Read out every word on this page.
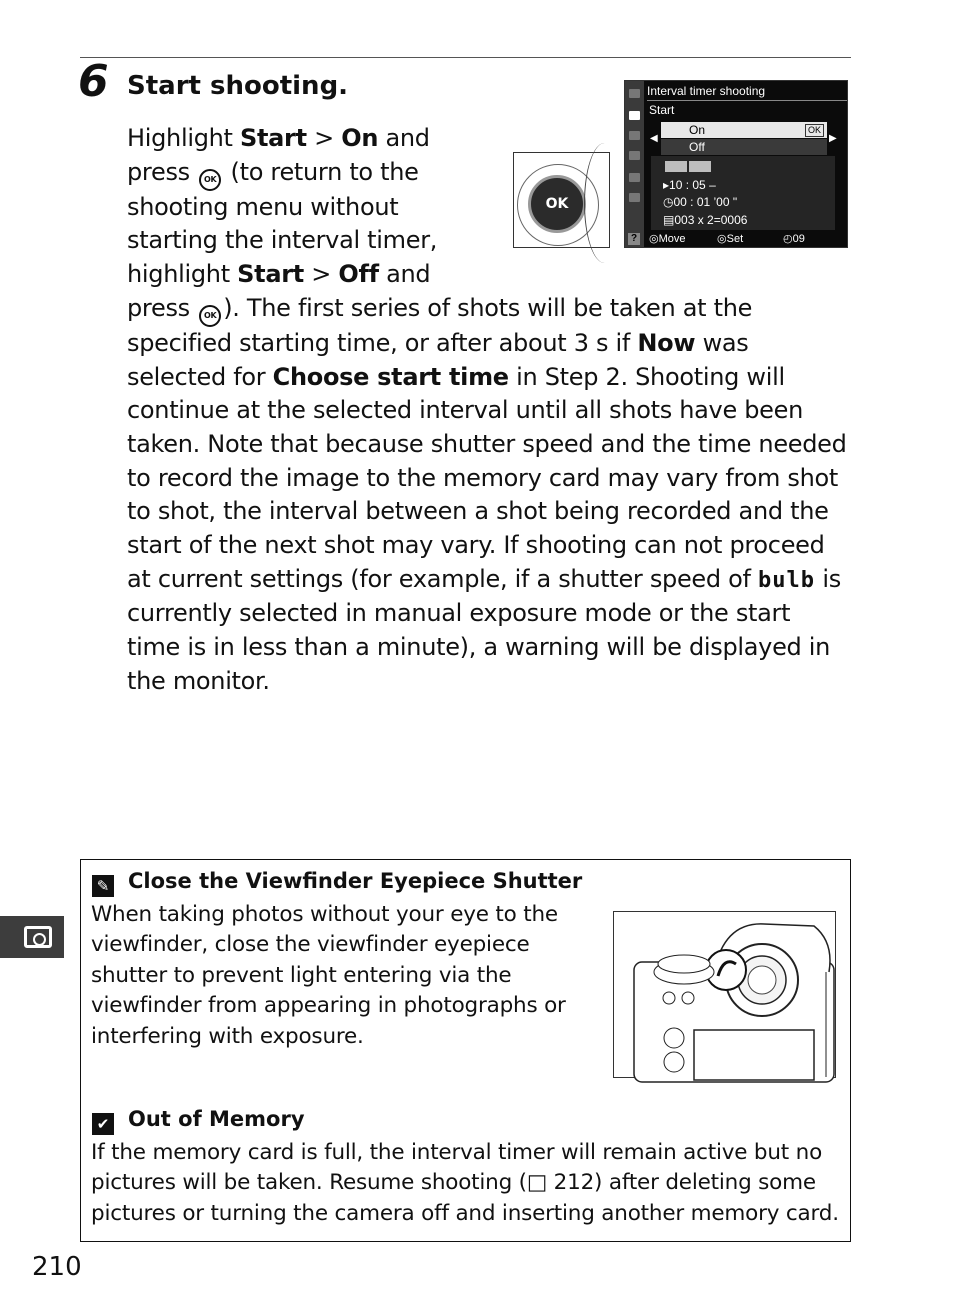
6 Start shooting.
Highlight Start > On and press OK (to return to the shooting menu without starting the interval timer, highlight Start > Off and press OK ). The first series of shots will be taken at the specified starting time, or after about 3 s if Now was selected for Choose start time in Step 2. Shooting will continue at the selected interval until all shots have been taken. Note that because shutter speed and the time needed to record the image to the memory card may vary from shot to shot, the interval between a shot being recorded and the start of the next shot may vary. If shooting can not proceed at current settings (for example, if a shutter speed of bulb is currently selected in manual exposure mode or the start time is in less than a minute), a warning will be displayed in the monitor.
OK
Interval timer shooting
Start
◀	▶
On	OK
Off
▸10 : 05 –
◷00 : 01 ’00 "
▤003 x 2=0006
? ◎ Move	◎ Set	◴ 09 : 30
✎ Close the Viewfinder Eyepiece Shutter
When taking photos without your eye to the
viewfinder, close the viewfinder eyepiece
shutter to prevent light entering via the
viewfinder from appearing in photographs or
interfering with exposure.
✔ Out of Memory
If the memory card is full, the interval timer will remain active but no
pictures will be taken. Resume shooting (□ 212) after deleting some
pictures or turning the camera off and inserting another memory card.
210
